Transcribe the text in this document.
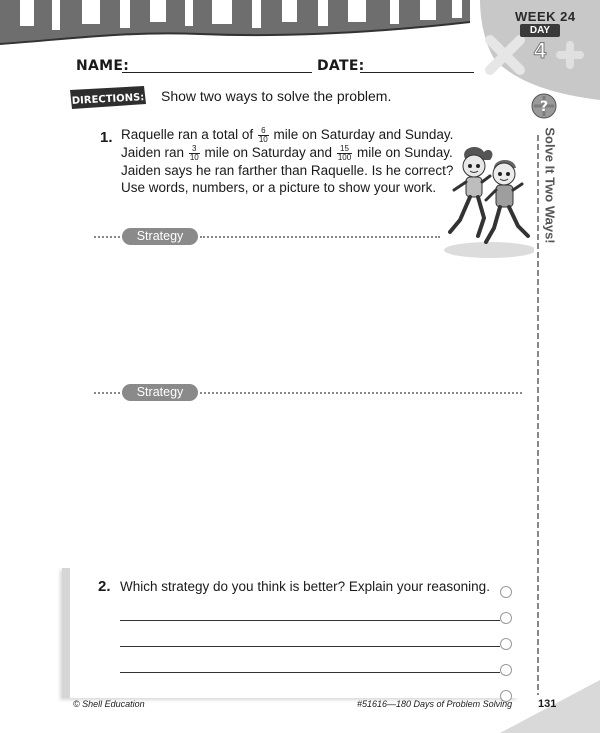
WEEK 24
DAY
4
NAME:	DATE:
DIRECTIONS: Show two ways to solve the problem.
1. Raquelle ran a total of $\frac{6}{10}$ mile on Saturday and Sunday.
Jaiden ran $\frac{3}{10}$ mile on Saturday and $\frac{15}{100}$ mile on Sunday.
Jaiden says he ran farther than Raquelle. Is he correct?
Use words, numbers, or a picture to show your work.
?
Solve It Two Ways!
Strategy 1
Strategy 2
2. Which strategy do you think is better? Explain your reasoning.
© Shell Education	#51616—180 Days of Problem Solving 131
